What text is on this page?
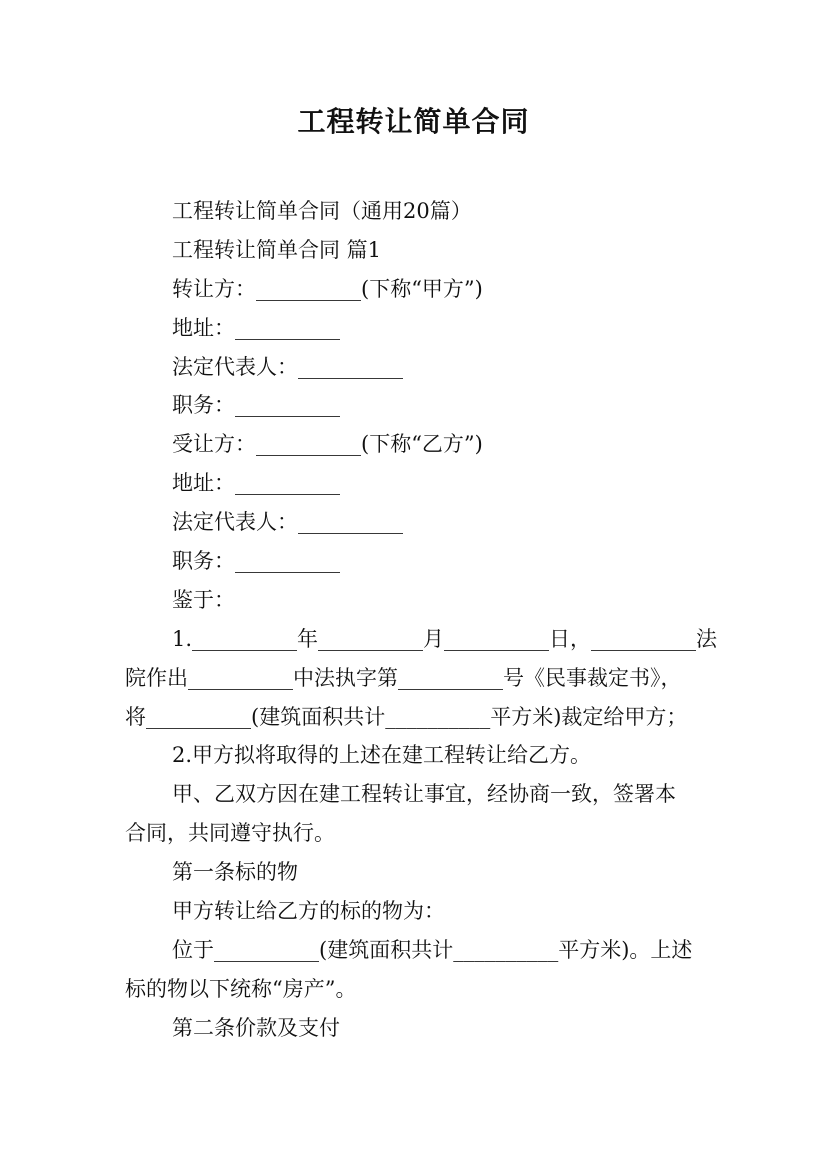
工程转让简单合同
工程转让简单合同（通用20篇）
工程转让简单合同 篇1
转让方：__________(下称“甲方”)
地址：__________
法定代表人：__________
职务：__________
受让方：__________(下称“乙方”)
地址：__________
法定代表人：__________
职务：__________
鉴于：
1.__________年__________月__________日，__________法
院作出__________中法执字第__________号《民事裁定书》，
将__________(建筑面积共计__________平方米)裁定给甲方；
2.甲方拟将取得的上述在建工程转让给乙方。
甲、乙双方因在建工程转让事宜，经协商一致，签署本
合同，共同遵守执行。
第一条标的物
甲方转让给乙方的标的物为：
位于__________(建筑面积共计__________平方米)。上述
标的物以下统称“房产”。
第二条价款及支付
